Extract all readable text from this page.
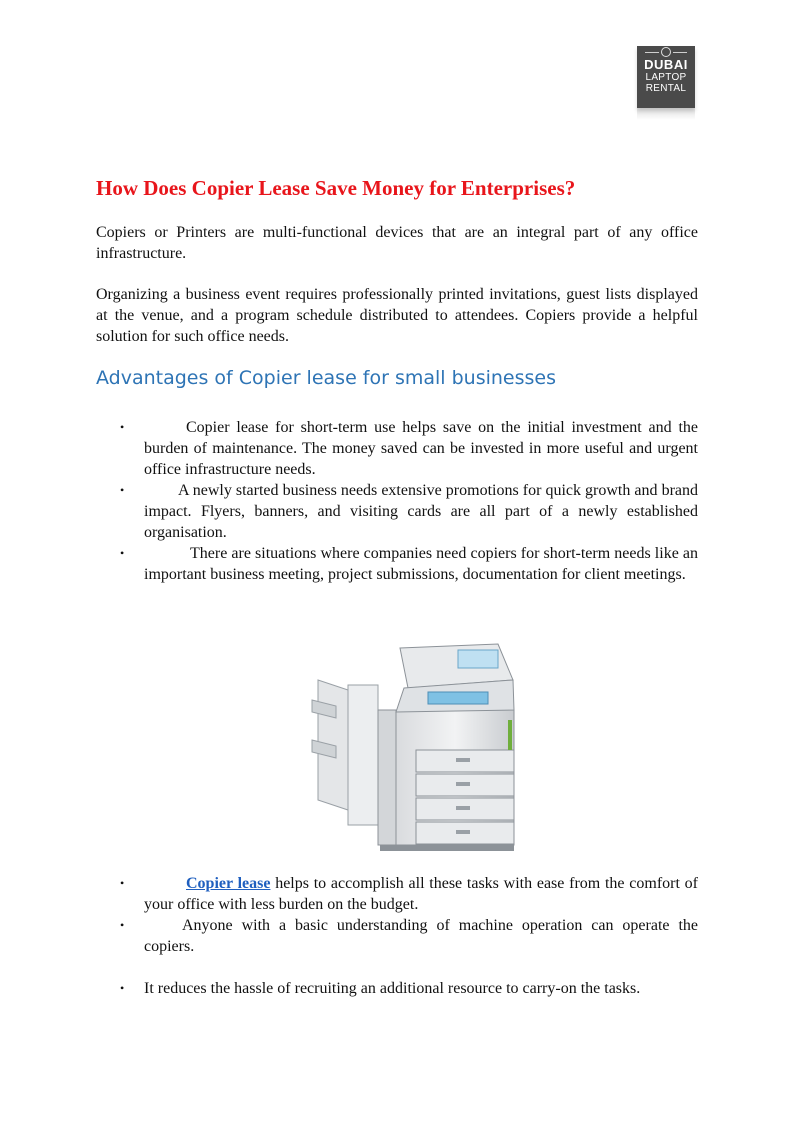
DUBAI
LAPTOP
RENTAL
How Does Copier Lease Save Money for Enterprises?

Copiers or Printers are multi-functional devices that are an integral part of any office infrastructure.

Organizing a business event requires professionally printed invitations, guest lists displayed at the venue, and a program schedule distributed to attendees. Copiers provide a helpful solution for such office needs.

Advantages of Copier lease for small businesses
•	Copier lease for short-term use helps save on the initial investment and the burden of maintenance. The money saved can be invested in more useful and urgent office infrastructure needs.
•	A newly started business needs extensive promotions for quick growth and brand impact. Flyers, banners, and visiting cards are all part of a newly established organisation.
•	There are situations where companies need copiers for short-term needs like an important business meeting, project submissions, documentation for client meetings.
•	Copier lease helps to accomplish all these tasks with ease from the comfort of your office with less burden on the budget.
•	Anyone with a basic understanding of machine operation can operate the copiers.
• It reduces the hassle of recruiting an additional resource to carry-on the tasks.
